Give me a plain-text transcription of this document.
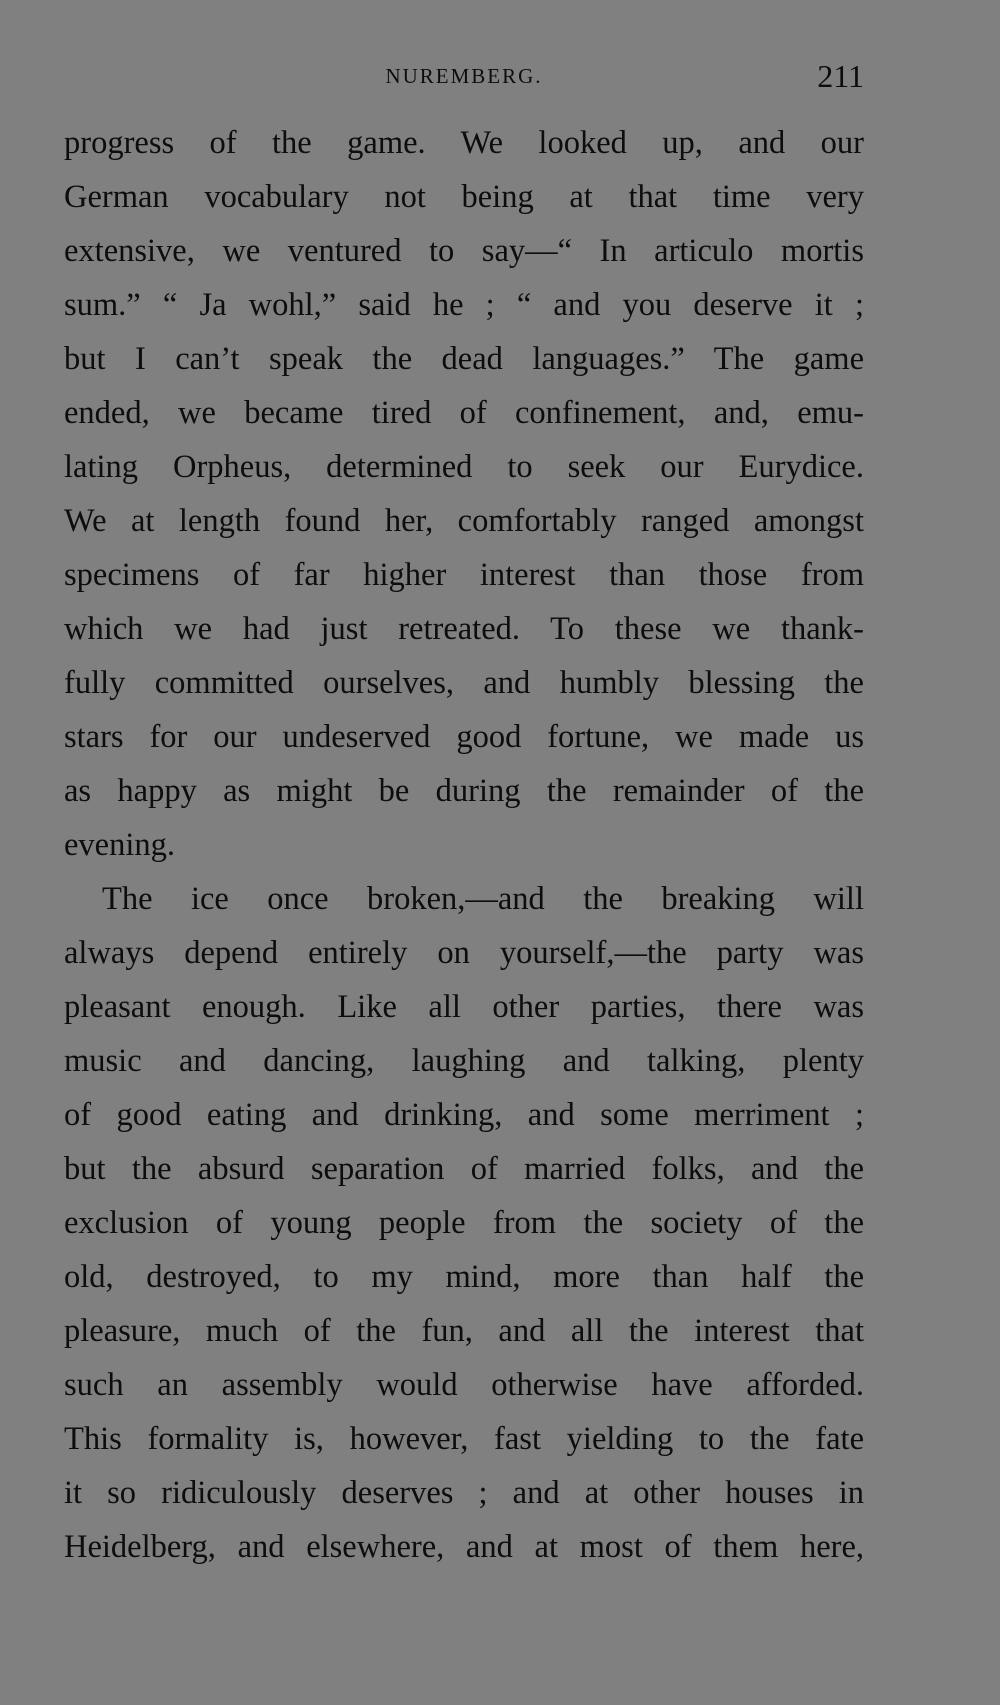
NUREMBERG.	211
progress of the game. We looked up, and our
German vocabulary not being at that time very
extensive, we ventured to say—“ In articulo mortis
sum.” “ Ja wohl,” said he ; “ and you deserve it ;
but I can’t speak the dead languages.” The game
ended, we became tired of confinement, and, emu-
lating Orpheus, determined to seek our Eurydice.
We at length found her, comfortably ranged amongst
specimens of far higher interest than those from
which we had just retreated. To these we thank-
fully committed ourselves, and humbly blessing the
stars for our undeserved good fortune, we made us
as happy as might be during the remainder of the
evening.
The ice once broken,—and the breaking will
always depend entirely on yourself,—the party was
pleasant enough. Like all other parties, there was
music and dancing, laughing and talking, plenty
of good eating and drinking, and some merriment ;
but the absurd separation of married folks, and the
exclusion of young people from the society of the
old, destroyed, to my mind, more than half the
pleasure, much of the fun, and all the interest that
such an assembly would otherwise have afforded.
This formality is, however, fast yielding to the fate
it so ridiculously deserves ; and at other houses in
Heidelberg, and elsewhere, and at most of them here,
